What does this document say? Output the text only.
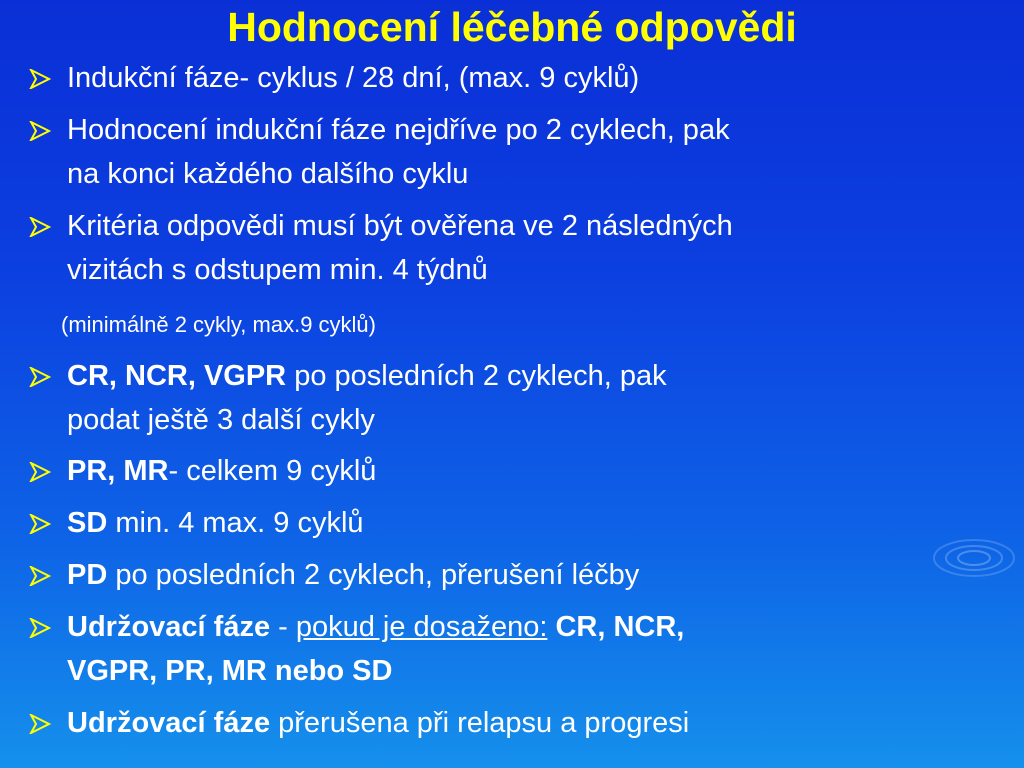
Hodnocení léčebné odpovědi
Indukční fáze- cyklus / 28 dní, (max. 9 cyklů)
Hodnocení indukční fáze nejdříve po 2 cyklech, pak
na konci každého dalšího cyklu
Kritéria odpovědi musí být ověřena ve 2 následných
vizitách s odstupem min. 4 týdnů
(minimálně 2 cykly, max.9 cyklů)
CR, NCR, VGPR po posledních 2 cyklech, pak
podat ještě 3 další cykly
PR, MR- celkem 9 cyklů
SD min. 4 max. 9 cyklů
PD po posledních 2 cyklech, přerušení léčby
Udržovací fáze - pokud je dosaženo: CR, NCR,
VGPR, PR, MR nebo SD
Udržovací fáze přerušena při relapsu a progresi
